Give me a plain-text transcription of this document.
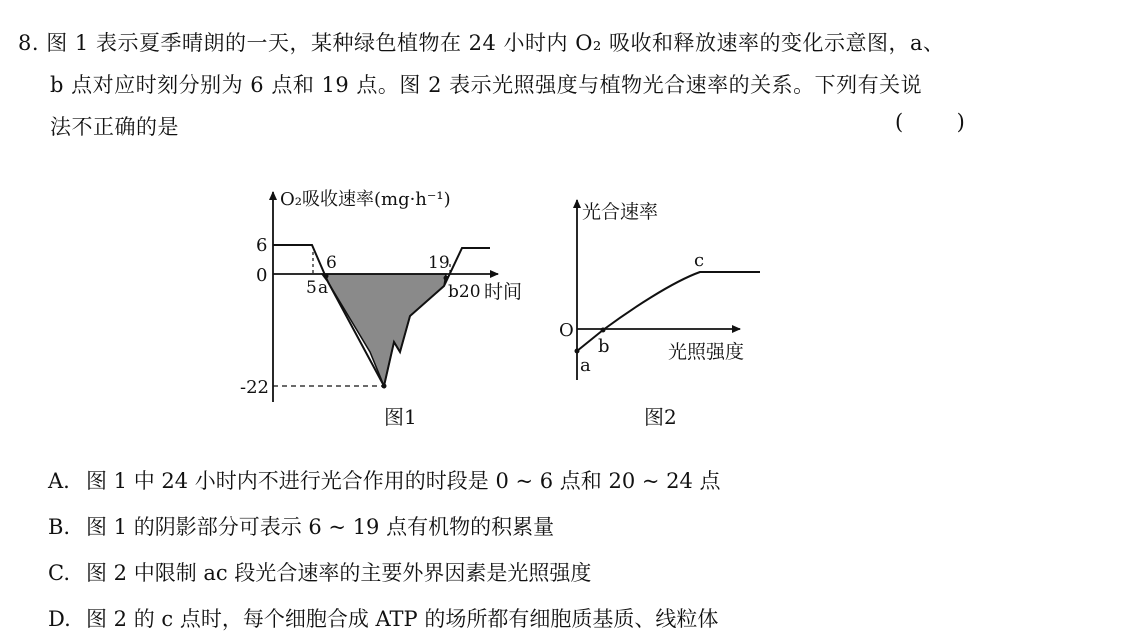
8. 图 1 表示夏季晴朗的一天，某种绿色植物在 24 小时内 O₂ 吸收和释放速率的变化示意图，a、
b 点对应时刻分别为 6 点和 19 点。图 2 表示光照强度与植物光合速率的关系。下列有关说
法不正确的是	(        )
O₂吸收速率(mg·h⁻¹)
6
0
-22
5 a
6	19
b20 时间
图1
光合速率
O
a
b
c
光照强度
图2
A. 图 1 中 24 小时内不进行光合作用的时段是 0 ~ 6 点和 20 ~ 24 点
B. 图 1 的阴影部分可表示 6 ~ 19 点有机物的积累量
C. 图 2 中限制 ac 段光合速率的主要外界因素是光照强度
D. 图 2 的 c 点时，每个细胞合成 ATP 的场所都有细胞质基质、线粒体
